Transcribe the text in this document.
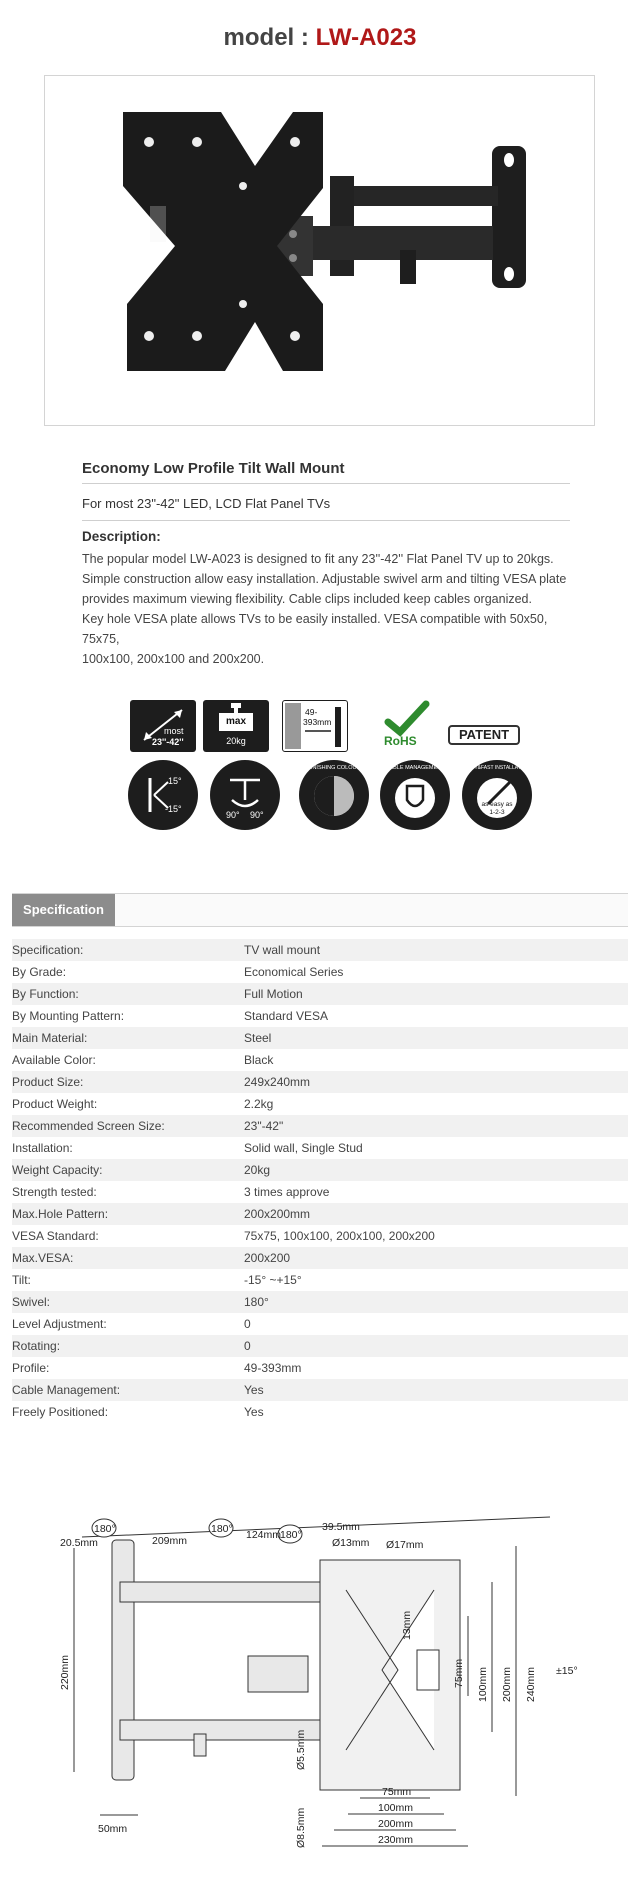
model : LW-A023
Economy Low Profile Tilt Wall Mount
For most 23"-42" LED, LCD Flat Panel TVs
Description:

The popular model LW-A023 is designed to fit any 23''-42'' Flat Panel TV up to 20kgs.

Simple construction allow easy installation. Adjustable swivel arm and tilting VESA plate

provides maximum viewing flexibility. Cable clips included keep cables organized.

Key hole VESA plate allows TVs to be easily installed. VESA compatible with 50x50, 75x75,

100x100, 200x100 and 200x200.

most
23''-42''
max
20kg
49-
393mm
RoHS	PATENT
15°
-15°
90° 90°
FINISHING COLOUR	CABLE MANAGEMENT	EASY&FAST INSTALLATION
as easy as
1-2-3
Specification
Specification:	TV wall mount
By Grade:	Economical Series
By Function:	Full Motion
By Mounting Pattern:	Standard VESA
Main Material:	Steel
Available Color:	Black
Product Size:	249x240mm
Product Weight:	2.2kg
Recommended Screen Size:	23"-42"
Installation:	Solid wall, Single Stud
Weight Capacity:	20kg
Strength tested:	3 times approve
Max.Hole Pattern:	200x200mm
VESA Standard:	75x75, 100x100, 200x100, 200x200
Max.VESA:	200x200
Tilt:	-15° ~+15°
Swivel:	180°
Level Adjustment:	0
Rotating:	0
Profile:	49-393mm
Cable Management:	Yes
Freely Positioned:	Yes
180°	180°	180°
20.5mm	209mm	124mm
39.5mm
Ø13mm Ø17mm
13mm
75mm 100mm 200mm 240mm ±15°
220mm
50mm
Ø5.5mm
Ø8.5mm
75mm
100mm
200mm
230mm
